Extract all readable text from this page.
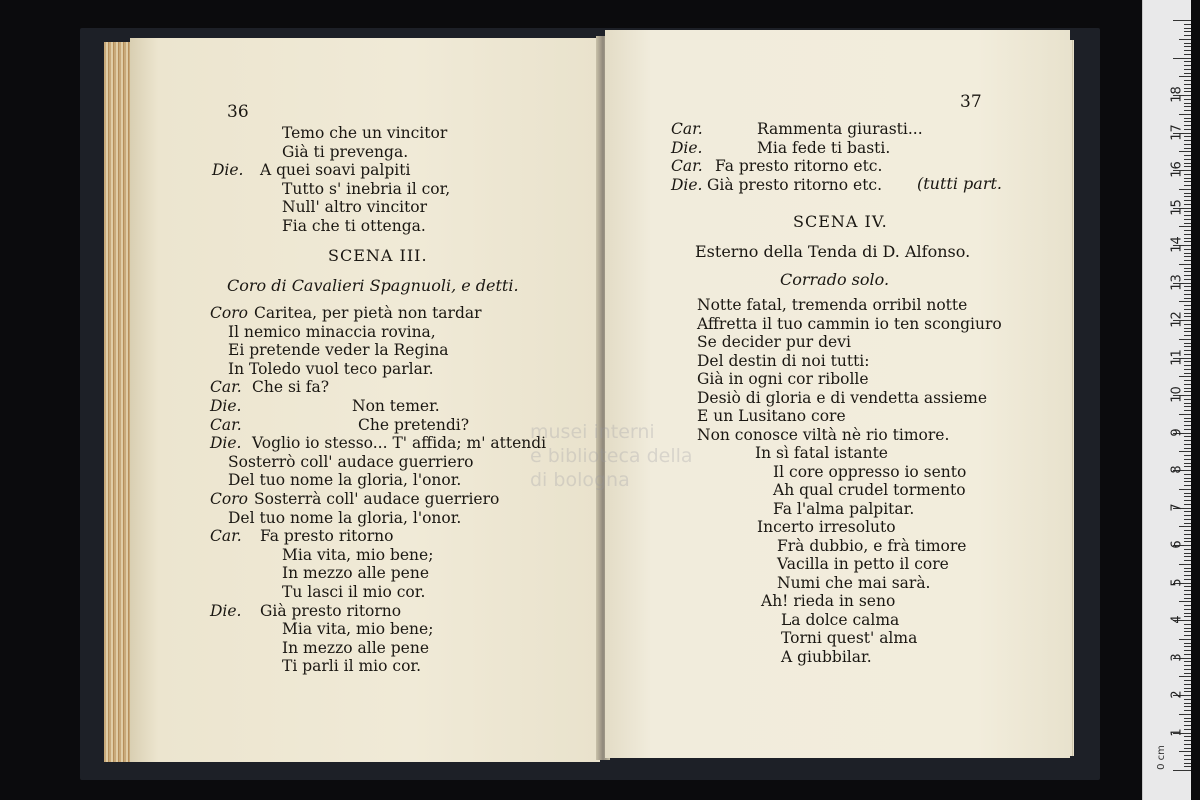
36
Temo che un vincitor
Già ti prevenga.
Die. A quei soavi palpiti
Tutto s' inebria il cor,
Null' altro vincitor
Fia che ti ottenga.
SCENA III.
Coro di Cavalieri Spagnuoli, e detti.
Coro Caritea, per pietà non tardar
Il nemico minaccia rovina,
Ei pretende veder la Regina
In Toledo vuol teco parlar.
Car. Che si fa?
Die.	Non temer.
Car.	Che pretendi?
Die. Voglio io stesso... T' affida; m' attendi
Sosterrò coll' audace guerriero
Del tuo nome la gloria, l'onor.
Coro Sosterrà coll' audace guerriero
Del tuo nome la gloria, l'onor.
Car. Fa presto ritorno
Mia vita, mio bene;
In mezzo alle pene
Tu lasci il mio cor.
Die. Già presto ritorno
Mia vita, mio bene;
In mezzo alle pene
Ti parli il mio cor.
37
Car.	Rammenta giurasti...
Die.	Mia fede ti basti.
Car. Fa presto ritorno etc.
Die. Già presto ritorno etc. (tutti part.
SCENA IV.
Esterno della Tenda di D. Alfonso.
Corrado solo.
Notte fatal, tremenda orribil notte
Affretta il tuo cammin io ten scongiuro
Se decider pur devi
Del destin di noi tutti:
Già in ogni cor ribolle
Desiò di gloria e di vendetta assieme
E un Lusitano core
Non conosce viltà nè rio timore.
In sì fatal istante
Il core oppresso io sento
Ah qual crudel tormento
Fa l'alma palpitar.
Incerto irresoluto
Frà dubbio, e frà timore
Vacilla in petto il core
Numi che mai sarà.
Ah! rieda in seno
La dolce calma
Torni quest' alma
A giubbilar.
musei interni
e biblioteca della
di bologna
0 cm
18
17
16
15
14
13
12
11
10
9
8
7
6
5
4
3
2
1
